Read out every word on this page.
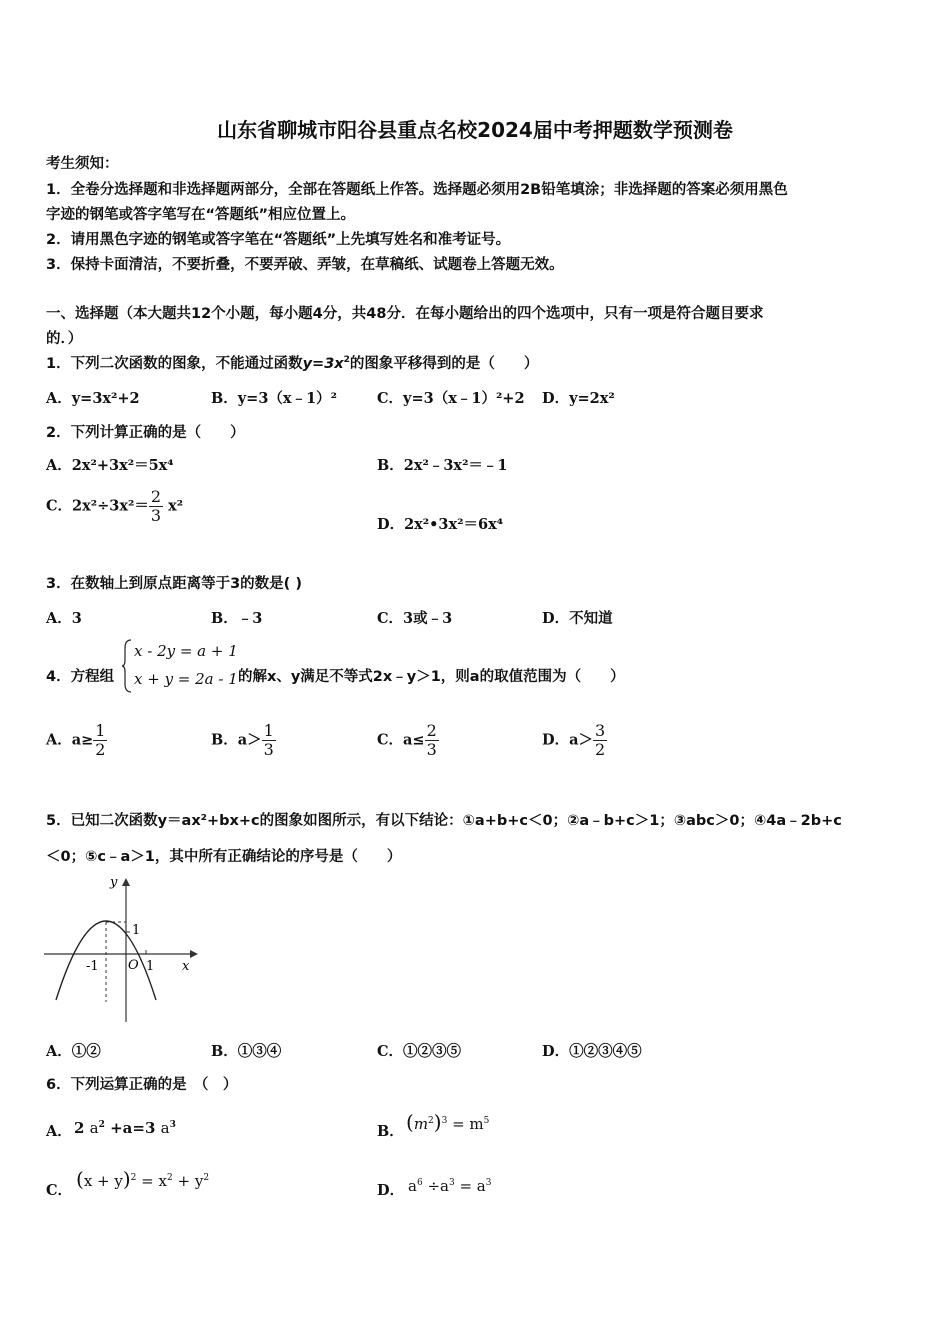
山东省聊城市阳谷县重点名校2024届中考押题数学预测卷
考生须知：
1．全卷分选择题和非选择题两部分，全部在答题纸上作答。选择题必须用2B铅笔填涂；非选择题的答案必须用黑色
字迹的钢笔或答字笔写在“答题纸”相应位置上。
2．请用黑色字迹的钢笔或答字笔在“答题纸”上先填写姓名和准考证号。
3．保持卡面清洁，不要折叠，不要弄破、弄皱，在草稿纸、试题卷上答题无效。
一、选择题（本大题共12个小题，每小题4分，共48分．在每小题给出的四个选项中，只有一项是符合题目要求
的．）
1．下列二次函数的图象，不能通过函数$y=3x^2$的图象平移得到的是（　　）
A．y=3x²+2	B．y=3（x﹣1）²	C．y=3（x﹣1）²+2 D．y=2x²
2．下列计算正确的是（　　）
A．2x²+3x²＝5x⁴	B．2x²﹣3x²＝﹣1
C．$2x^2\div 3x^2= \frac{2}{3} x^2$
D．2x²•3x²＝6x⁴
3．在数轴上到原点距离等于3的数是( )
A．3	B．﹣3	C．3或﹣3	D．不知道
4．方程组
x - 2y = a + 1
x + y = 2a - 1 的解x、y满足不等式2x﹣y＞1，则a的取值范围为（　　）
A．$a\ge \frac{1}{2}$	B．$a> \frac{1}{3}$	C．$a\le \frac{2}{3}$	D．$a> \frac{3}{2}$
5．已知二次函数y＝ax²+bx+c的图象如图所示，有以下结论：①a+b+c＜0；②a﹣b+c＞1；③abc＞0；④4a﹣2b+c
＜0；⑤c﹣a＞1，其中所有正确结论的序号是（　　）
x
y
O
-1	1
1
A．①②	B．①③④	C．①②③⑤	D．①②③④⑤
6．下列运算正确的是　（　）
A． 2 $a^2 +a=3$ $a^3$	B． $(m^2)^3 = m^5$
C． $(x + y)^2 = x^2 + y^2$
D． $a^6 \div a^3 = a^3$
